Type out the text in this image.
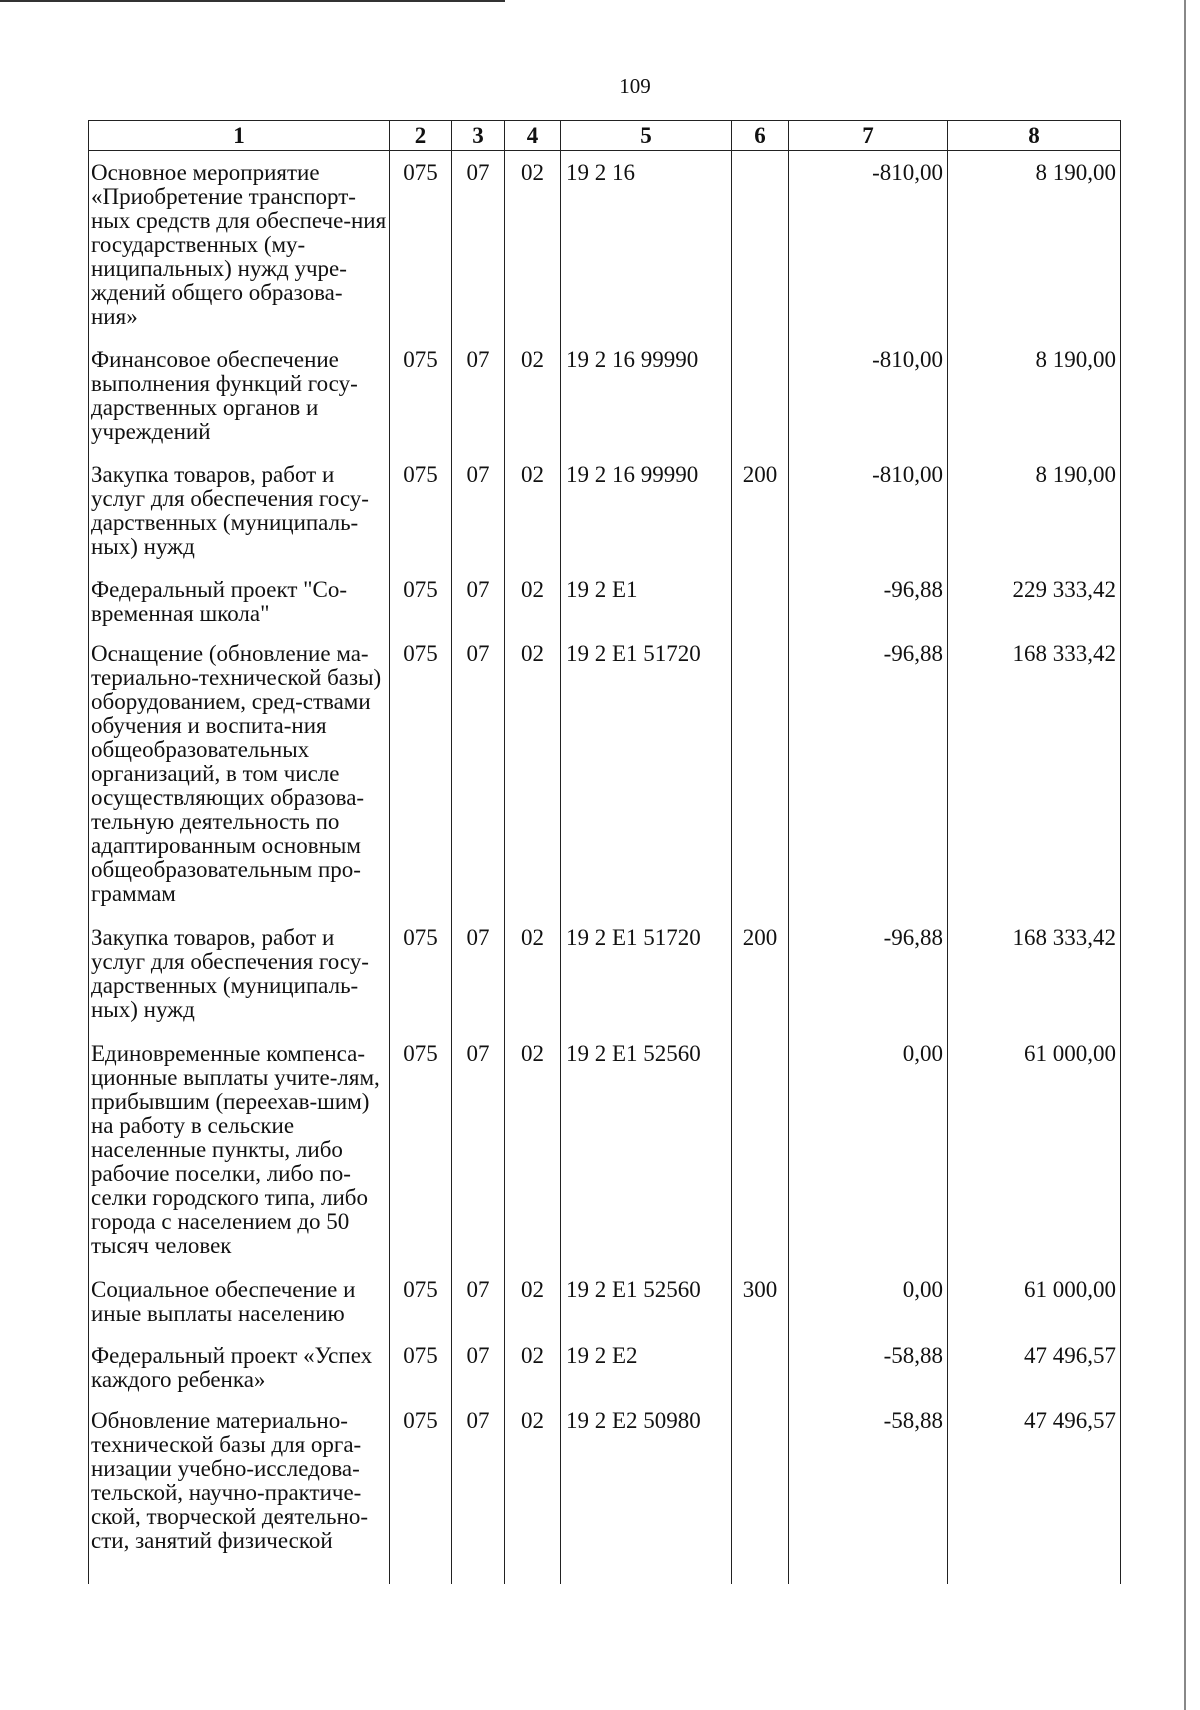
109
1	2	3	4	5	6	7	8
Основное мероприятие «Приобретение транспорт-ных средств для обеспече-ния государственных (му-ниципальных) нужд учре-ждений общего образова-ния»	075	07	02	19 2 16		-810,00	8 190,00
Финансовое обеспечение выполнения функций госу-дарственных органов и учреждений	075	07	02	19 2 16 99990		-810,00	8 190,00
Закупка товаров, работ и услуг для обеспечения госу-дарственных (муниципаль-ных) нужд	075	07	02	19 2 16 99990	200	-810,00	8 190,00
Федеральный проект "Со-временная школа"	075	07	02	19 2 E1		-96,88	229 333,42
Оснащение (обновление ма-териально-технической базы) оборудованием, сред-ствами обучения и воспита-ния общеобразовательных организаций, в том числе осуществляющих образова-тельную деятельность по адаптированным основным общеобразовательным про-граммам	075	07	02	19 2 E1 51720		-96,88	168 333,42
Закупка товаров, работ и услуг для обеспечения госу-дарственных (муниципаль-ных) нужд	075	07	02	19 2 E1 51720	200	-96,88	168 333,42
Единовременные компенса-ционные выплаты учите-лям, прибывшим (переехав-шим) на работу в сельские населенные пункты, либо рабочие поселки, либо по-селки городского типа, либо города с населением до 50 тысяч человек	075	07	02	19 2 E1 52560		0,00	61 000,00
Социальное обеспечение и иные выплаты населению	075	07	02	19 2 E1 52560	300	0,00	61 000,00
Федеральный проект «Успех каждого ребенка»	075	07	02	19 2 E2		-58,88	47 496,57
Обновление материально-технической базы для орга-низации учебно-исследова-тельской, научно-практиче-ской, творческой деятельно-сти, занятий физической	075	07	02	19 2 E2 50980		-58,88	47 496,57
